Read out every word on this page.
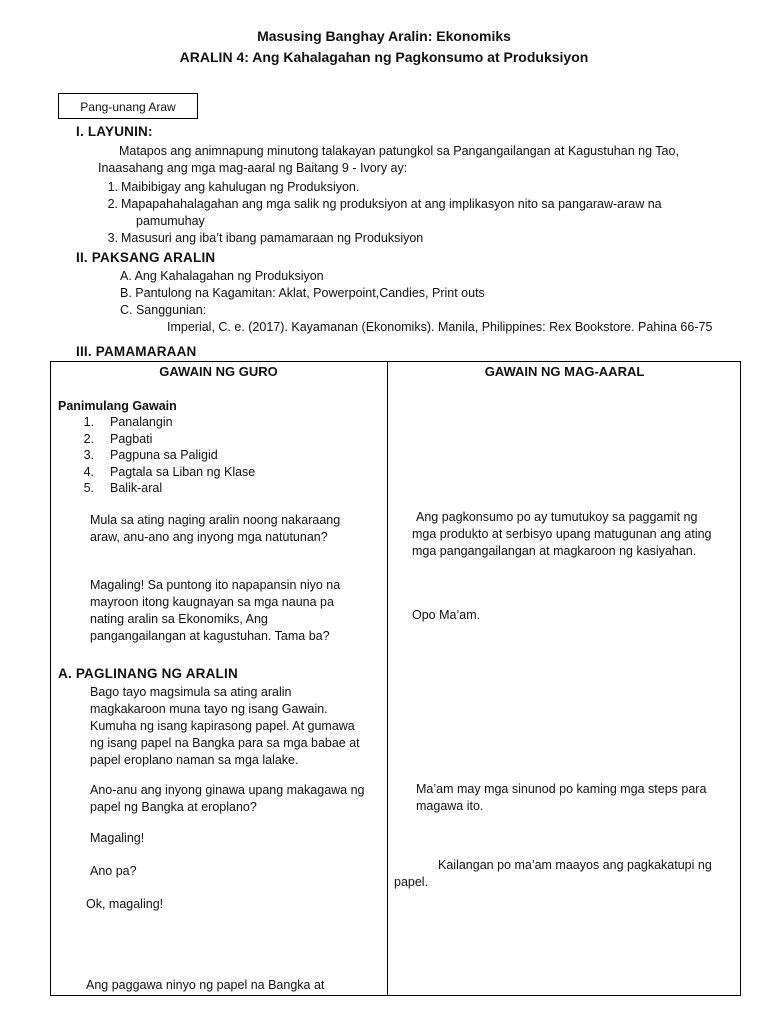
Masusing Banghay Aralin: Ekonomiks
ARALIN 4: Ang Kahalagahan ng Pagkonsumo at Produksiyon
Pang-unang Araw
I. LAYUNIN:
Matapos ang animnapung minutong talakayan patungkol sa Pangangailangan at Kagustuhan ng Tao,
Inaasahang ang mga mag-aaral ng Baitang 9 - Ivory ay:
1. Maibibigay ang kahulugan ng Produksiyon.
2. Mapapahahalagahan ang mga salik ng produksiyon at ang implikasyon nito sa pangaraw-araw na
pamumuhay
3. Masusuri ang iba’t ibang pamamaraan ng Produksiyon
II. PAKSANG ARALIN
A. Ang Kahalagahan ng Produksiyon
B. Pantulong na Kagamitan: Aklat, Powerpoint,Candies, Print outs
C. Sanggunian:
Imperial, C. e. (2017). Kayamanan (Ekonomiks). Manila, Philippines: Rex Bookstore. Pahina 66-75
III. PAMAMARAAN
GAWAIN NG GURO	GAWAIN NG MAG-AARAL
Panimulang Gawain
1. Panalangin
2. Pagbati
3. Pagpuna sa Paligid
4. Pagtala sa Liban ng Klase
5. Balik-aral
Mula sa ating naging aralin noong nakaraang
araw, anu-ano ang inyong mga natutunan?
Magaling! Sa puntong ito napapansin niyo na
mayroon itong kaugnayan sa mga nauna pa
nating aralin sa Ekonomiks, Ang
pangangailangan at kagustuhan. Tama ba?
A. PAGLINANG NG ARALIN
Bago tayo magsimula sa ating aralin
magkakaroon muna tayo ng isang Gawain.
Kumuha ng isang kapirasong papel. At gumawa
ng isang papel na Bangka para sa mga babae at
papel eroplano naman sa mga lalake.
Ano-anu ang inyong ginawa upang makagawa ng
papel ng Bangka at eroplano?
Magaling!
Ano pa?
Ok, magaling!
Ang paggawa ninyo ng papel na Bangka at
Ang pagkonsumo po ay tumutukoy sa paggamit ng
mga produkto at serbisyo upang matugunan ang ating
mga pangangailangan at magkaroon ng kasiyahan.
Opo Ma’am.
Ma’am may mga sinunod po kaming mga steps para
magawa ito.
Kailangan po ma’am maayos ang pagkakatupi ng
papel.
